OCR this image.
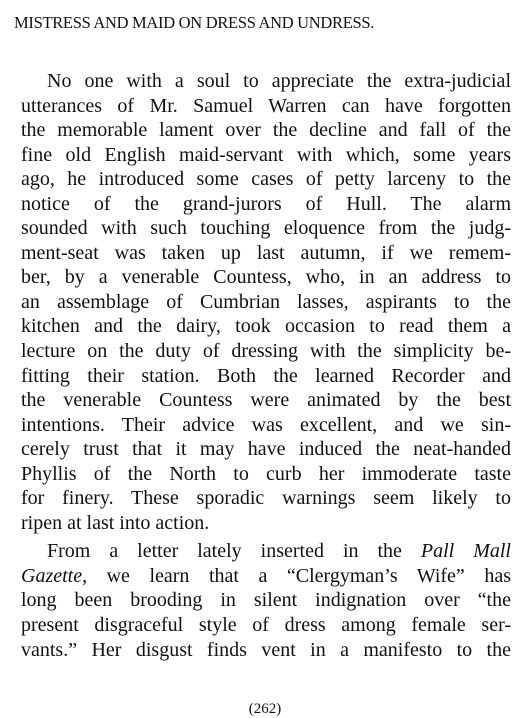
MISTRESS AND MAID ON DRESS AND UNDRESS.
No one with a soul to appreciate the extra-judicial
utterances of Mr. Samuel Warren can have forgotten
the memorable lament over the decline and fall of the
fine old English maid-servant with which, some years
ago, he introduced some cases of petty larceny to the
notice of the grand-jurors of Hull. The alarm
sounded with such touching eloquence from the judg-
ment-seat was taken up last autumn, if we remem-
ber, by a venerable Countess, who, in an address to
an assemblage of Cumbrian lasses, aspirants to the
kitchen and the dairy, took occasion to read them a
lecture on the duty of dressing with the simplicity be-
fitting their station. Both the learned Recorder and
the venerable Countess were animated by the best
intentions. Their advice was excellent, and we sin-
cerely trust that it may have induced the neat-handed
Phyllis of the North to curb her immoderate taste
for finery. These sporadic warnings seem likely to
ripen at last into action.
From a letter lately inserted in the Pall Mall
Gazette, we learn that a “Clergyman’s Wife” has
long been brooding in silent indignation over “the
present disgraceful style of dress among female ser-
vants.” Her disgust finds vent in a manifesto to the
(262)
